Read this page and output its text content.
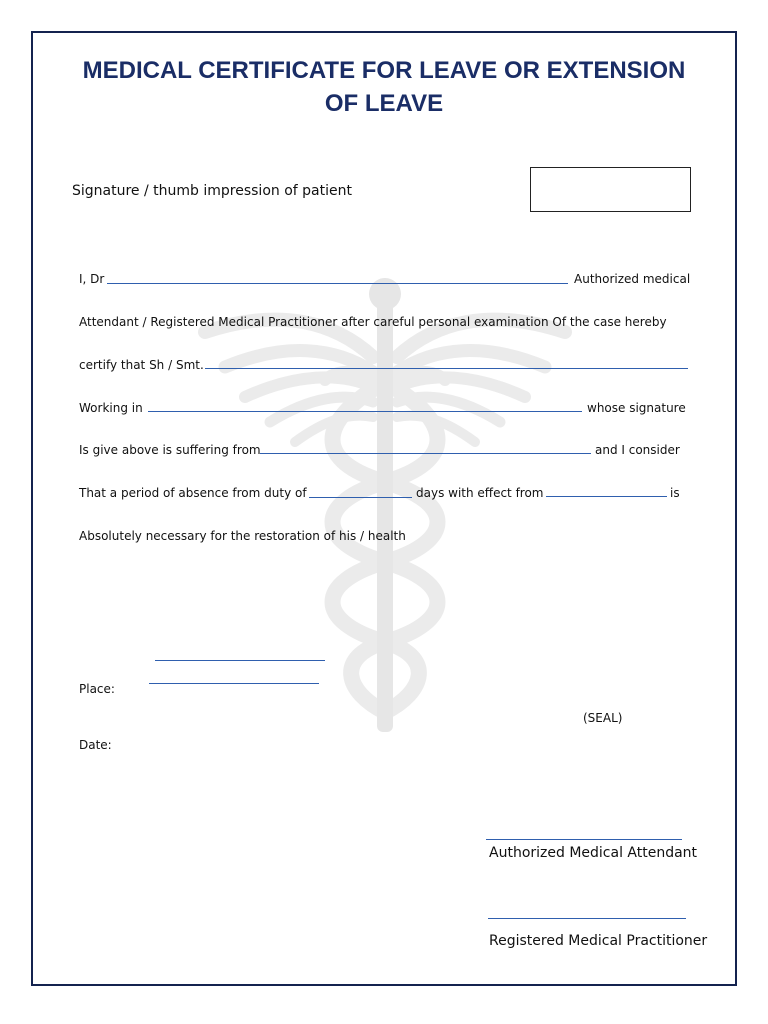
MEDICAL CERTIFICATE FOR LEAVE OR EXTENSION
OF LEAVE
Signature / thumb impression of patient
I, Dr	Authorized medical
Attendant / Registered Medical Practitioner after careful personal examination Of the case hereby
certify that Sh / Smt.
Working in	whose signature
Is give above is suffering from	and I consider
That a period of absence from duty of	days with effect from	is
Absolutely necessary for the restoration of his / health
Place:
(SEAL)
Date:
Authorized Medical Attendant
Registered Medical Practitioner
